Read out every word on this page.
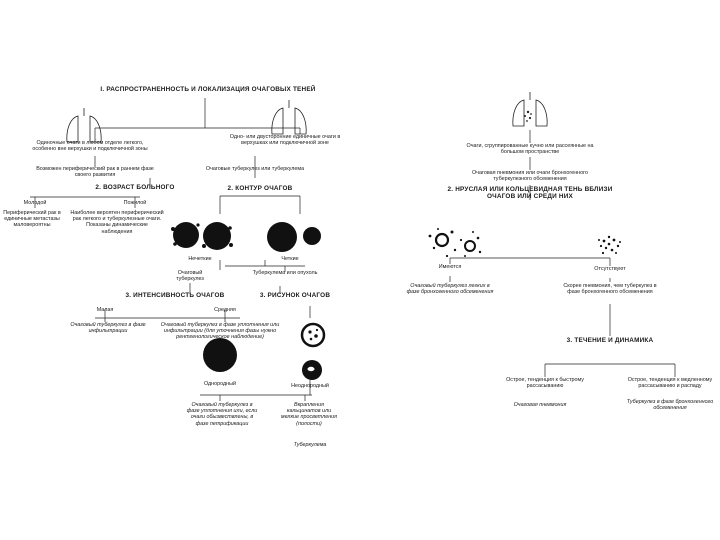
I. РАСПРОСТРАНЕННОСТЬ И ЛОКАЛИЗАЦИЯ ОЧАГОВЫХ ТЕНЕЙ
Одиночные очаги в любом отделе легкого, особенно вне верхушки и подключичной зоны
Одно- или двусторонние единичные очаги в верхушках или подключичной зоне
Возможен периферический рак в раннем фазе своего развития
Очаговые туберкулез или туберкулема
2. ВОЗРАСТ БОЛЬНОГО	2. КОНТУР ОЧАГОВ
Молодой	Пожилой
Периферический рак в единичные метастазы маловероятны
Наиболее вероятен периферический рак легкого и туберкулезные очаги. Показаны динамические наблюдения
Нечеткие	Четкие
Очаговый туберкулез
Туберкулема или опухоль
3. ИНТЕНСИВНОСТЬ ОЧАГОВ	3. РИСУНОК ОЧАГОВ
Малая	Средняя
Очаговый туберкулез в фазе инфильтрации
Очаговый туберкулез в фазе уплотнения или инфильтрации (для уточнения фазы нужно рентгенологическое наблюдение)
Однородный	Неоднородный
Очаговый туберкулез в фазе уплотнения или, если очаги обызвествлены, в фазе петрификации
Вкрапления кальцинатов или мелкие просветления (полости)
Туберкулема
Очаги, сгруппированные кучно или рассеянные на большом пространстве
Очаговая пневмония или очаги бронхогенного туберкулезного обсеменения
2. НРУСЛАЯ ИЛИ КОЛЬЦЕВИДНАЯ ТЕНЬ ВБЛИЗИ ОЧАГОВ ИЛИ СРЕДИ НИХ
Имеются	Отсутствуют
Очаговый туберкулез легких в фазе бронхогенного обсеменения
Скорее пневмония, чем туберкулез в фазе бронхогенного обсеменения
3. ТЕЧЕНИЕ И ДИНАМИКА
Острое, тенденция к быстрому рассасыванию
Острое, тенденция к медленному рассасыванию и распаду
Очаговая пневмония	Туберкулез в фазе бронхогенного обсеменения
